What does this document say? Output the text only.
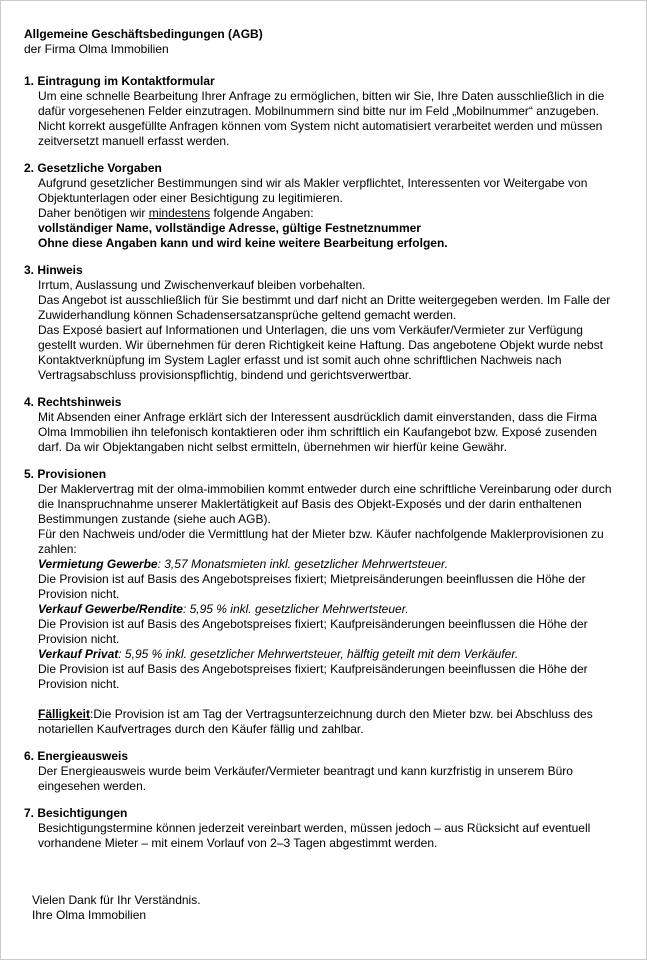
Allgemeine Geschäftsbedingungen (AGB)
der Firma Olma Immobilien
1. Eintragung im Kontaktformular
Um eine schnelle Bearbeitung Ihrer Anfrage zu ermöglichen, bitten wir Sie, Ihre Daten ausschließlich in die dafür vorgesehenen Felder einzutragen. Mobilnummern sind bitte nur im Feld „Mobilnummer“ anzugeben. Nicht korrekt ausgefüllte Anfragen können vom System nicht automatisiert verarbeitet werden und müssen zeitversetzt manuell erfasst werden.
2. Gesetzliche Vorgaben
Aufgrund gesetzlicher Bestimmungen sind wir als Makler verpflichtet, Interessenten vor Weitergabe von Objektunterlagen oder einer Besichtigung zu legitimieren.
Daher benötigen wir mindestens folgende Angaben:
vollständiger Name, vollständige Adresse, gültige Festnetznummer
Ohne diese Angaben kann und wird keine weitere Bearbeitung erfolgen.
3. Hinweis
Irrtum, Auslassung und Zwischenverkauf bleiben vorbehalten.
Das Angebot ist ausschließlich für Sie bestimmt und darf nicht an Dritte weitergegeben werden. Im Falle der Zuwiderhandlung können Schadensersatzansprüche geltend gemacht werden.
Das Exposé basiert auf Informationen und Unterlagen, die uns vom Verkäufer/Vermieter zur Verfügung gestellt wurden. Wir übernehmen für deren Richtigkeit keine Haftung. Das angebotene Objekt wurde nebst Kontaktverknüpfung im System Lagler erfasst und ist somit auch ohne schriftlichen Nachweis nach Vertragsabschluss provisionspflichtig, bindend und gerichtsverwertbar.
4. Rechtshinweis
Mit Absenden einer Anfrage erklärt sich der Interessent ausdrücklich damit einverstanden, dass die Firma Olma Immobilien ihn telefonisch kontaktieren oder ihm schriftlich ein Kaufangebot bzw. Exposé zusenden darf. Da wir Objektangaben nicht selbst ermitteln, übernehmen wir hierfür keine Gewähr.
5. Provisionen
Der Maklervertrag mit der olma-immobilien kommt entweder durch eine schriftliche Vereinbarung oder durch die Inanspruchnahme unserer Maklertätigkeit auf Basis des Objekt-Exposés und der darin enthaltenen Bestimmungen zustande (siehe auch AGB).
Für den Nachweis und/oder die Vermittlung hat der Mieter bzw. Käufer nachfolgende Maklerprovisionen zu zahlen:
Vermietung Gewerbe: 3,57 Monatsmieten inkl. gesetzlicher Mehrwertsteuer.
Die Provision ist auf Basis des Angebotspreises fixiert; Mietpreisänderungen beeinflussen die Höhe der Provision nicht.
Verkauf Gewerbe/Rendite: 5,95 % inkl. gesetzlicher Mehrwertsteuer.
Die Provision ist auf Basis des Angebotspreises fixiert; Kaufpreisänderungen beeinflussen die Höhe der Provision nicht.
Verkauf Privat: 5,95 % inkl. gesetzlicher Mehrwertsteuer, hälftig geteilt mit dem Verkäufer.
Die Provision ist auf Basis des Angebotspreises fixiert; Kaufpreisänderungen beeinflussen die Höhe der Provision nicht.

Fälligkeit:Die Provision ist am Tag der Vertragsunterzeichnung durch den Mieter bzw. bei Abschluss des notariellen Kaufvertrages durch den Käufer fällig und zahlbar.
6. Energieausweis
Der Energieausweis wurde beim Verkäufer/Vermieter beantragt und kann kurzfristig in unserem Büro eingesehen werden.
7. Besichtigungen
Besichtigungstermine können jederzeit vereinbart werden, müssen jedoch – aus Rücksicht auf eventuell vorhandene Mieter – mit einem Vorlauf von 2–3 Tagen abgestimmt werden.
Vielen Dank für Ihr Verständnis.
Ihre Olma Immobilien
